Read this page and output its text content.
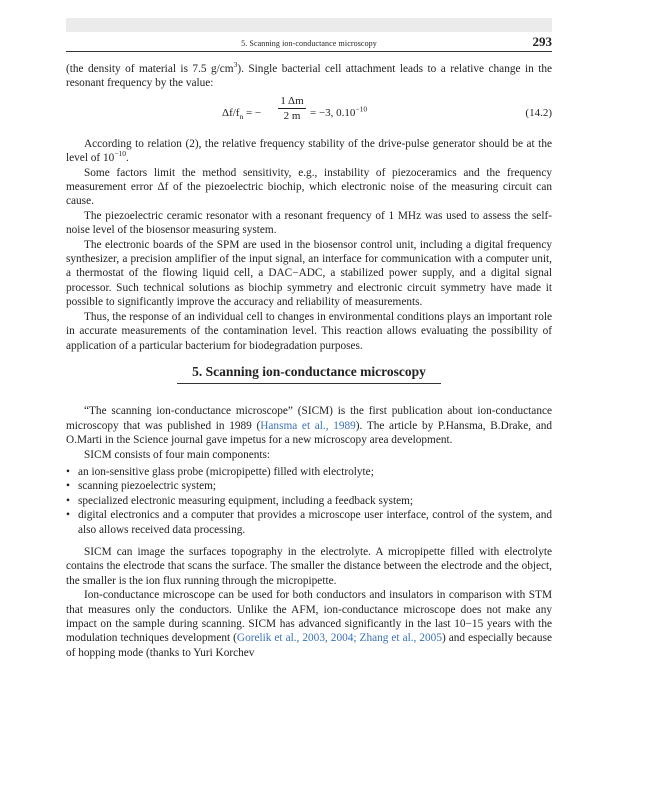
5. Scanning ion-conductance microscopy	293

(the density of material is 7.5 $g/cm^3$). Single bacterial cell attachment leads to a relative change in the resonant frequency by the value:

$\Delta f/f_n$ = − $\frac{1 \Delta m}{2 m} = -3$, $0.10^{-10}$	(14.2)

According to relation (2), the relative frequency stability of the drive-pulse generator should be at the level of $10^{-10}$.

Some factors limit the method sensitivity, e.g., instability of piezoceramics and the frequency measurement error Δf of the piezoelectric biochip, which electronic noise of the measuring circuit can cause.

The piezoelectric ceramic resonator with a resonant frequency of 1 MHz was used to assess the self-noise level of the biosensor measuring system.

The electronic boards of the SPM are used in the biosensor control unit, including a digital frequency synthesizer, a precision amplifier of the input signal, an interface for communication with a computer unit, a thermostat of the flowing liquid cell, a DAC−ADC, a stabilized power supply, and a digital signal processor. Such technical solutions as biochip symmetry and electronic circuit symmetry have made it possible to significantly improve the accuracy and reliability of measurements.

Thus, the response of an individual cell to changes in environmental conditions plays an important role in accurate measurements of the contamination level. This reaction allows evaluating the possibility of application of a particular bacterium for biodegradation purposes.

5. Scanning ion-conductance microscopy

“The scanning ion-conductance microscope” (SICM) is the first publication about ion-conductance microscopy that was published in 1989 (Hansma et al., 1989). The article by P.Hansma, B.Drake, and O.Marti in the Science journal gave impetus for a new microscopy area development.

SICM consists of four main components:

• an ion-sensitive glass probe (micropipette) filled with electrolyte;
• scanning piezoelectric system;
• specialized electronic measuring equipment, including a feedback system;
• digital electronics and a computer that provides a microscope user interface, control of the system, and also allows received data processing.

SICM can image the surfaces topography in the electrolyte. A micropipette filled with electrolyte contains the electrode that scans the surface. The smaller the distance between the electrode and the object, the smaller is the ion flux running through the micropipette.

Ion-conductance microscope can be used for both conductors and insulators in comparison with STM that measures only the conductors. Unlike the AFM, ion-conductance microscope does not make any impact on the sample during scanning. SICM has advanced significantly in the last 10−15 years with the modulation techniques development (Gorelik et al., 2003, 2004; Zhang et al., 2005) and especially because of hopping mode (thanks to Yuri Korchev
